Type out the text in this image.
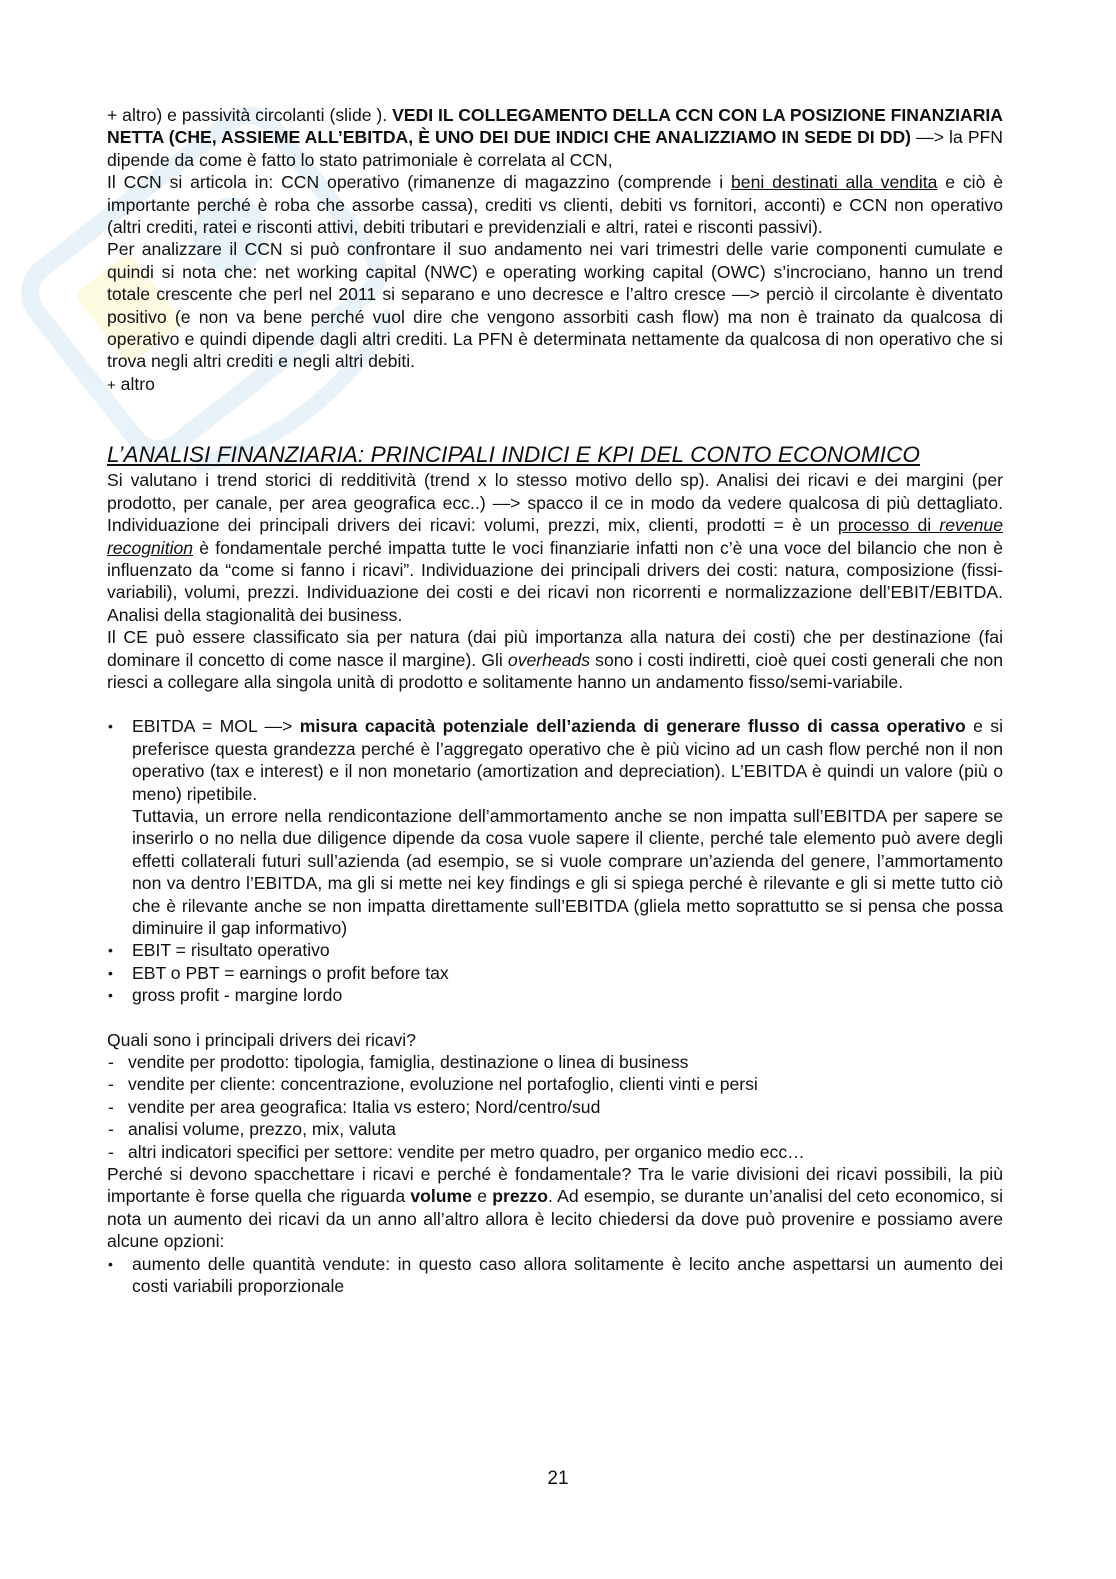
+ altro) e passività circolanti (slide ). VEDI IL COLLEGAMENTO DELLA CCN CON LA POSIZIONE FINANZIARIA NETTA (CHE, ASSIEME ALL’EBITDA, È UNO DEI DUE INDICI CHE ANALIZZIAMO IN SEDE DI DD) —> la PFN dipende da come è fatto lo stato patrimoniale è correlata al CCN,

Il CCN si articola in: CCN operativo (rimanenze di magazzino (comprende i beni destinati alla vendita e ciò è importante perché è roba che assorbe cassa), crediti vs clienti, debiti vs fornitori, acconti) e CCN non operativo (altri crediti, ratei e risconti attivi, debiti tributari e previdenziali e altri, ratei e risconti passivi).

Per analizzare il CCN si può confrontare il suo andamento nei vari trimestri delle varie componenti cumulate e quindi si nota che: net working capital (NWC) e operating working capital (OWC) s’incrociano, hanno un trend totale crescente che perl nel 2011 si separano e uno decresce e l’altro cresce —> perciò il circolante è diventato positivo (e non va bene perché vuol dire che vengono assorbiti cash flow) ma non è trainato da qualcosa di operativo e quindi dipende dagli altri crediti. La PFN è determinata nettamente da qualcosa di non operativo che si trova negli altri crediti e negli altri debiti.

+ altro

L’ANALISI FINANZIARIA: PRINCIPALI INDICI E KPI DEL CONTO ECONOMICO

Si valutano i trend storici di redditività (trend x lo stesso motivo dello sp). Analisi dei ricavi e dei margini (per prodotto, per canale, per area geografica ecc..) —> spacco il ce in modo da vedere qualcosa di più dettagliato. Individuazione dei principali drivers dei ricavi: volumi, prezzi, mix, clienti, prodotti = è un processo di revenue recognition è fondamentale perché impatta tutte le voci finanziarie infatti non c’è una voce del bilancio che non è influenzato da “come si fanno i ricavi”. Individuazione dei principali drivers dei costi: natura, composizione (fissi-variabili), volumi, prezzi. Individuazione dei costi e dei ricavi non ricorrenti e normalizzazione dell’EBIT/EBITDA. Analisi della stagionalità dei business.

Il CE può essere classificato sia per natura (dai più importanza alla natura dei costi) che per destinazione (fai dominare il concetto di come nasce il margine). Gli overheads sono i costi indiretti, cioè quei costi generali che non riesci a collegare alla singola unità di prodotto e solitamente hanno un andamento fisso/semi-variabile.

• EBITDA = MOL —> misura capacità potenziale dell’azienda di generare flusso di cassa operativo e si preferisce questa grandezza perché è l’aggregato operativo che è più vicino ad un cash flow perché non il non operativo (tax e interest) e il non monetario (amortization and depreciation). L’EBITDA è quindi un valore (più o meno) ripetibile.
Tuttavia, un errore nella rendicontazione dell’ammortamento anche se non impatta sull’EBITDA per sapere se inserirlo o no nella due diligence dipende da cosa vuole sapere il cliente, perché tale elemento può avere degli effetti collaterali futuri sull’azienda (ad esempio, se si vuole comprare un’azienda del genere, l’ammortamento non va dentro l’EBITDA, ma gli si mette nei key findings e gli si spiega perché è rilevante e gli si mette tutto ciò che è rilevante anche se non impatta direttamente sull’EBITDA (gliela metto soprattutto se si pensa che possa diminuire il gap informativo)
• EBIT = risultato operativo
• EBT o PBT = earnings o profit before tax
• gross profit - margine lordo

Quali sono i principali drivers dei ricavi?

- vendite per prodotto: tipologia, famiglia, destinazione o linea di business
- vendite per cliente: concentrazione, evoluzione nel portafoglio, clienti vinti e persi
- vendite per area geografica: Italia vs estero; Nord/centro/sud
- analisi volume, prezzo, mix, valuta
- altri indicatori specifici per settore: vendite per metro quadro, per organico medio ecc…

Perché si devono spacchettare i ricavi e perché è fondamentale? Tra le varie divisioni dei ricavi possibili, la più importante è forse quella che riguarda volume e prezzo. Ad esempio, se durante un’analisi del ceto economico, si nota un aumento dei ricavi da un anno all’altro allora è lecito chiedersi da dove può provenire e possiamo avere alcune opzioni:

• aumento delle quantità vendute: in questo caso allora solitamente è lecito anche aspettarsi un aumento dei costi variabili proporzionale
21
